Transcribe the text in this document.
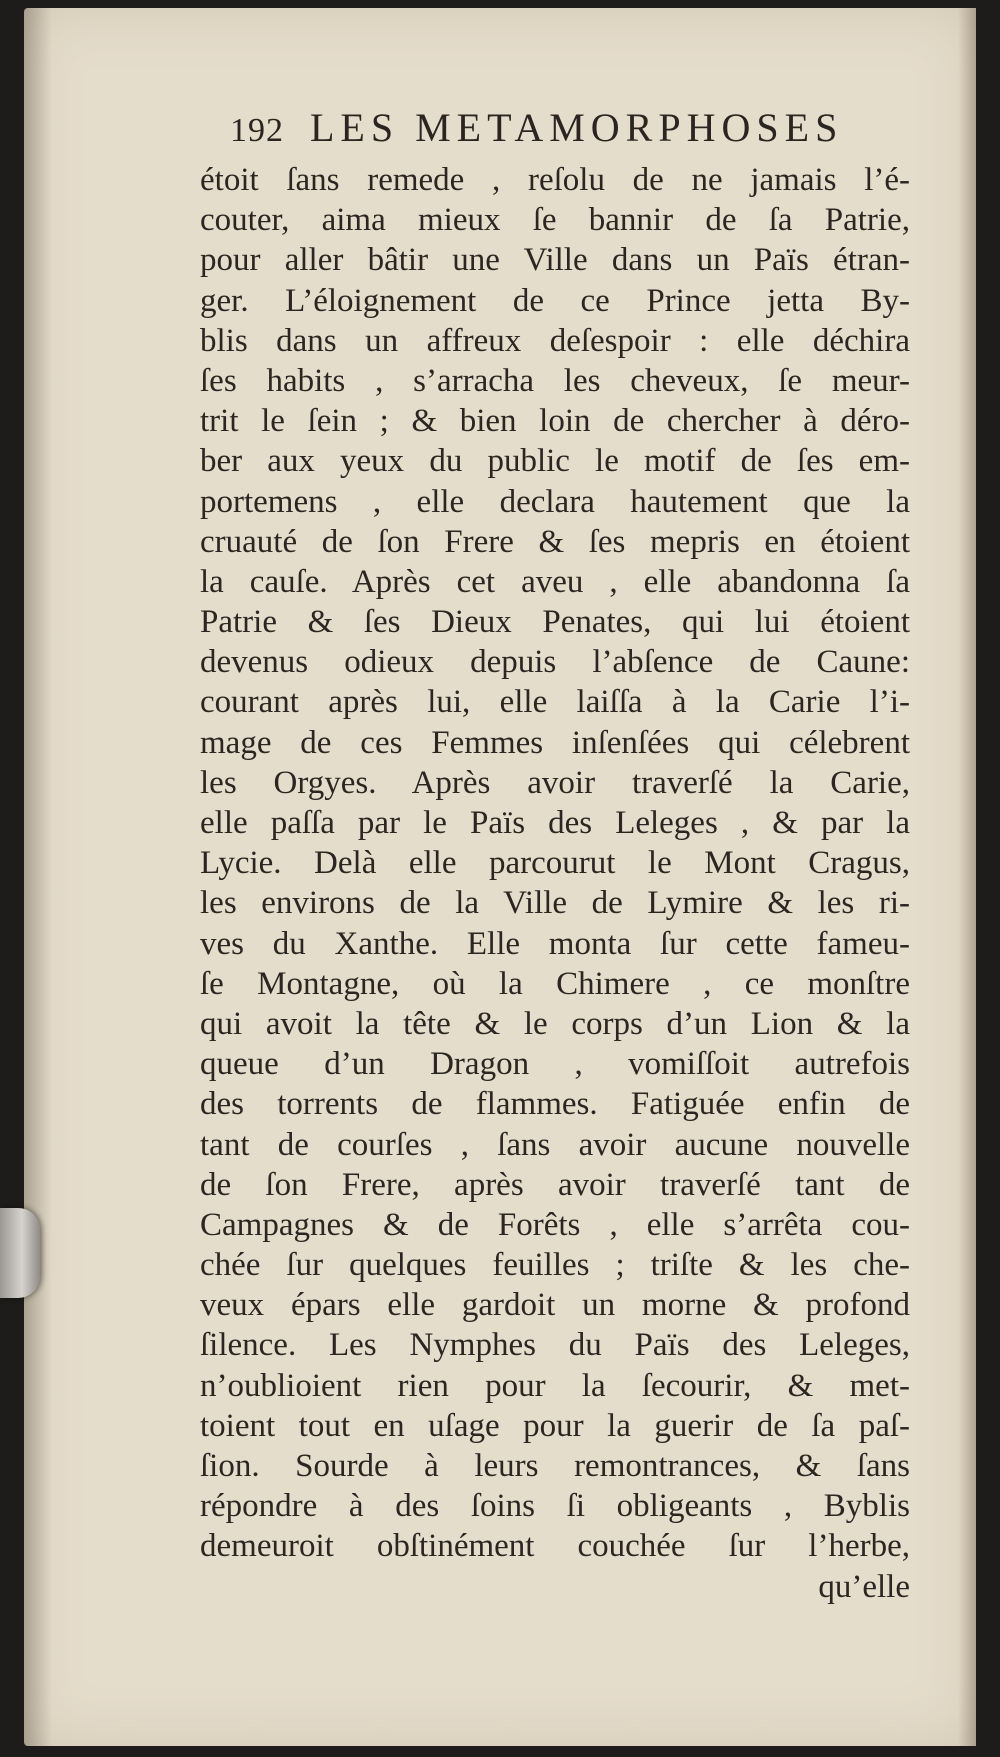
192 LES METAMORPHOSES
étoit ſans remede , reſolu de ne jamais l’é-
couter, aima mieux ſe bannir de ſa Patrie,
pour aller bâtir une Ville dans un Païs étran-
ger. L’éloignement de ce Prince jetta By-
blis dans un affreux deſespoir : elle déchira
ſes habits , s’arracha les cheveux, ſe meur-
trit le ſein ; & bien loin de chercher à déro-
ber aux yeux du public le motif de ſes em-
portemens , elle declara hautement que la
cruauté de ſon Frere & ſes mepris en étoient
la cauſe. Après cet aveu , elle abandonna ſa
Patrie & ſes Dieux Penates, qui lui étoient
devenus odieux depuis l’abſence de Caune:
courant après lui, elle laiſſa à la Carie l’i-
mage de ces Femmes inſenſées qui célebrent
les Orgyes. Après avoir traverſé la Carie,
elle paſſa par le Païs des Leleges , & par la
Lycie. Delà elle parcourut le Mont Cragus,
les environs de la Ville de Lymire & les ri-
ves du Xanthe. Elle monta ſur cette fameu-
ſe Montagne, où la Chimere , ce monſtre
qui avoit la tête & le corps d’un Lion & la
queue d’un Dragon , vomiſſoit autrefois
des torrents de flammes. Fatiguée enfin de
tant de courſes , ſans avoir aucune nouvelle
de ſon Frere, après avoir traverſé tant de
Campagnes & de Forêts , elle s’arrêta cou-
chée ſur quelques feuilles ; triſte & les che-
veux épars elle gardoit un morne & profond
ſilence. Les Nymphes du Païs des Leleges,
n’oublioient rien pour la ſecourir, & met-
toient tout en uſage pour la guerir de ſa paſ-
ſion. Sourde à leurs remontrances, & ſans
répondre à des ſoins ſi obligeants , Byblis
demeuroit obſtinément couchée ſur l’herbe,
qu’elle
